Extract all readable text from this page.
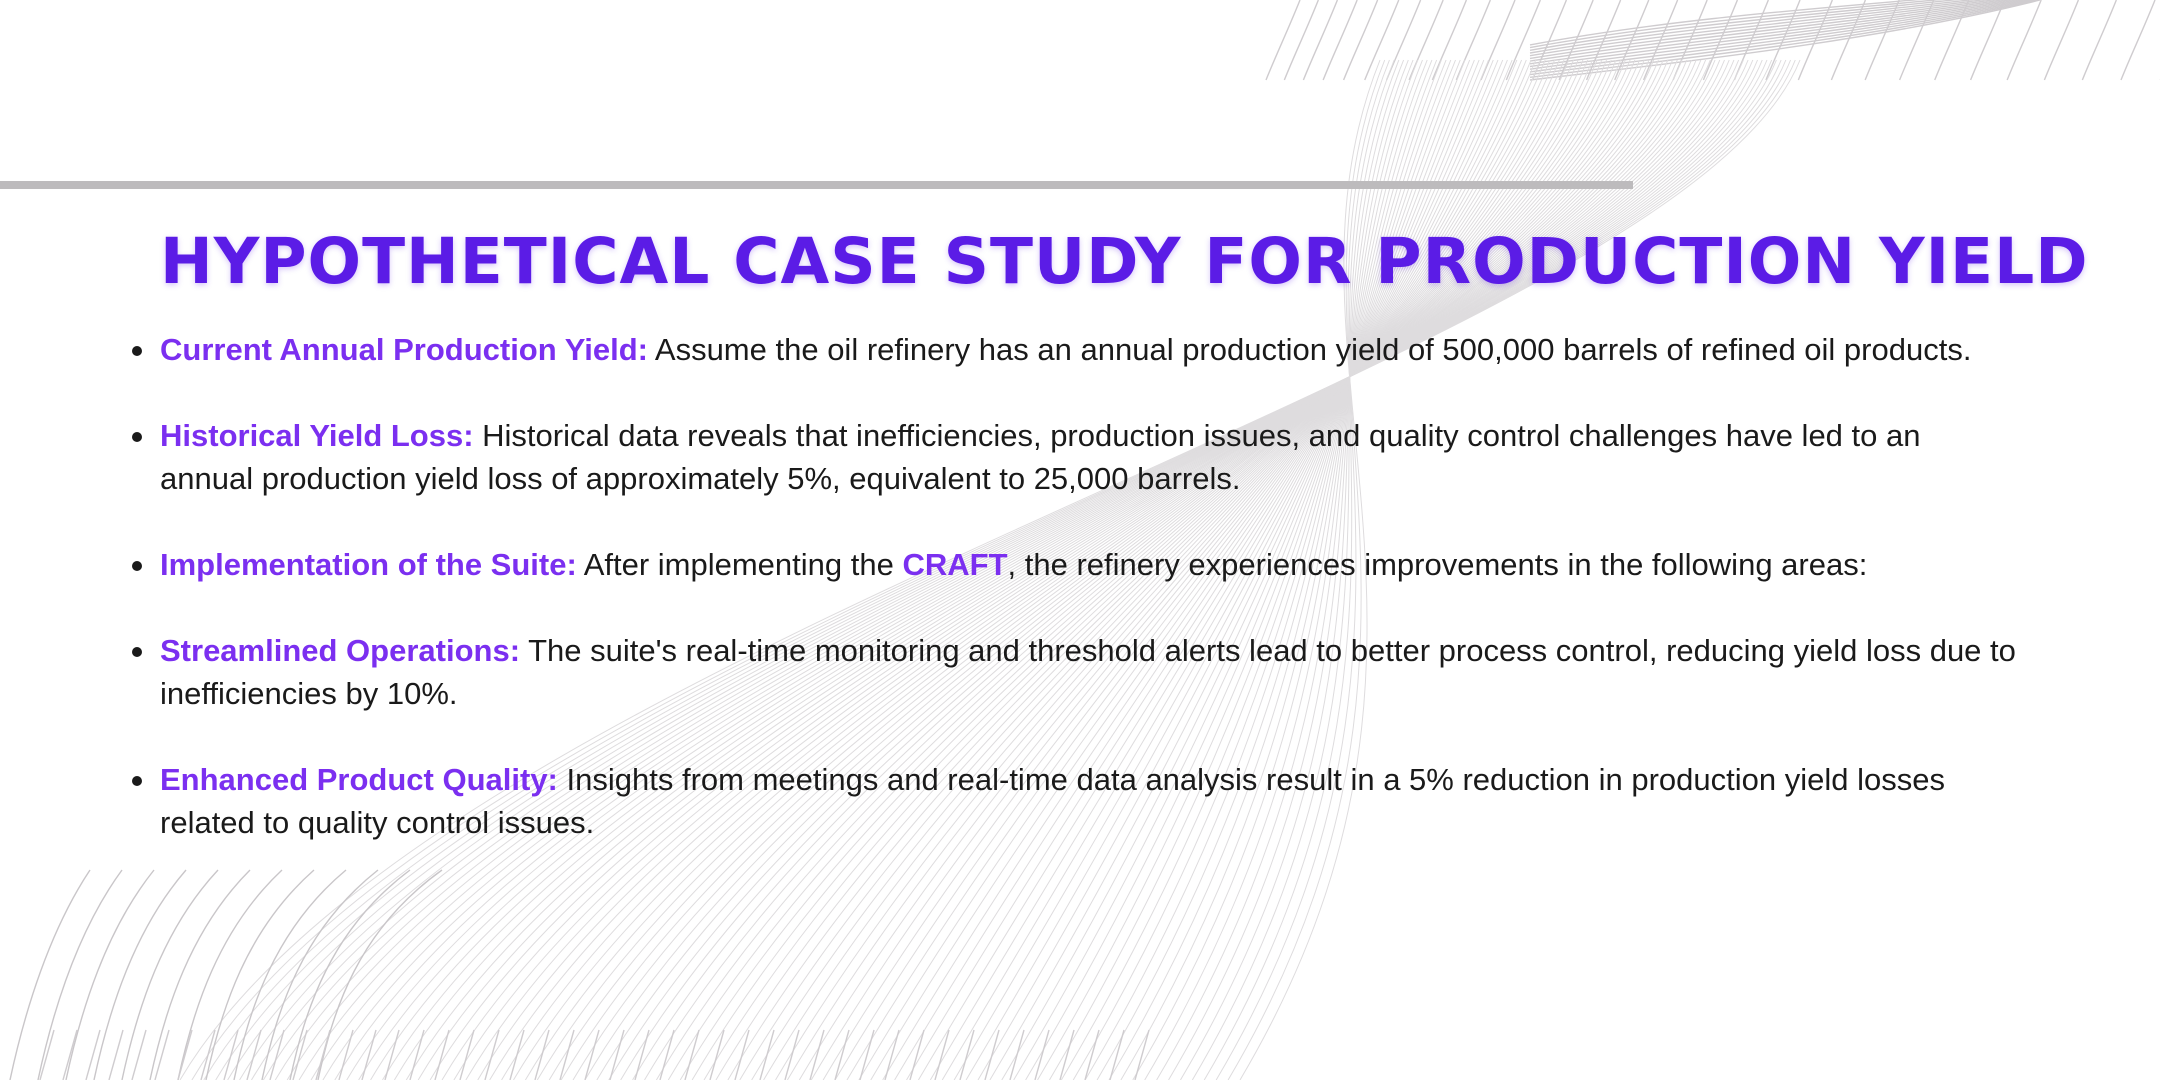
HYPOTHETICAL CASE STUDY FOR PRODUCTION YIELD
Current Annual Production Yield: Assume the oil refinery has an annual production yield of 500,000 barrels of refined oil products.
Historical Yield Loss: Historical data reveals that inefficiencies, production issues, and quality control challenges have led to an annual production yield loss of approximately 5%, equivalent to 25,000 barrels.
Implementation of the Suite: After implementing the CRAFT, the refinery experiences improvements in the following areas:
Streamlined Operations: The suite's real-time monitoring and threshold alerts lead to better process control, reducing yield loss due to inefficiencies by 10%.
Enhanced Product Quality: Insights from meetings and real-time data analysis result in a 5% reduction in production yield losses related to quality control issues.
